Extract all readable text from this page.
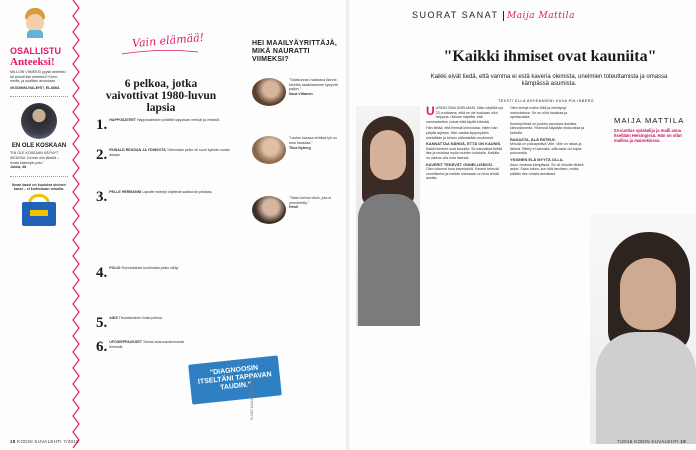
OSALLISTU
Anteeksi!

MILLOIN VIIMEKSI pyysit anteeksi tai annoit itse anteeksi? Kerro meille, ja osallistu arvontaan.

#KODINKUVALEHTI_ELAMIA

EN OLE KOSKAAN

"EN OLE KOSKAAN KÄYNYT IKEASSA. Kerran olin lähellä – mutta käännyin pois."

Jukka, 48

Ikean kassi on kuuluisa sininen kassi – ei kuitenkaan minulla.

Vain elämää!
6 pelkoa, jotka vaivottivat 1980-luvun lapsia
1. HAPPOSATEET Happosateiden pelättiin tappavan metsät ja vesistöt.

2. RONALD REAGAN JA YDINSOTA Ydinsodan pelko oli suuri kylmän sodan aikaan.

3. PELLE HERMANNI Lapsille esitetyt ohjelmat saattoivat pelottaa.

4. POLIO Rokotuksista huolimatta pelko säilyi.

5. AIDS Tiedottaminen lisäsi pelkoa.

6. UFOSIEPPAUKSET Tarinat avaruusolennoista kiersivät.

"DIAGNOOSIN ITSELTÄNI TAPPAVAN TAUDIN."
HEI MAAILYÄYRITTÄJÄ, MIKÄ NAURATTI VIIMEKSI?

"Satakunnan haastava tilanne. Meidän asiakkaamme kysyivät paljon."

Ilona Virtanen

"Lasten kanssa tehtävä työ on aina hauskaa."

Tiina Nyberg

"Taisin kertoa vitsin, jota ei ymmärretty."

Heidi

KUVAT MAAILYAYRITTAJAT
18 KODIN KUVALEHTI 7/2018
SUORAT SANAT Maija Mattila
"Kaikki ihmiset ovat kauniita"
Kaikki eivät tiedä, että vamma ei estä kaveria olemista, unelmien toteuttamista ja omassa kämpässä asumista.
TEKSTI ELLA AHVENNIEMI KUVA PIA INBERG

UUSEIN OMA UNELMASI. Näin näyttää nyt 23-vuotiaana, eikä se ole koskaan ollut helppoa. Haluan näyttää, että vammaisetkin voivat elää täyttä elämää.

Hän tietää, että ihmisiä kiinnostaa, miten hän pärjää arjessa. Hän vastaa kysymyksiin mielellään ja kertoo elämästään avoimesti.

KANNATTAA NÄHDÄ, ETTÄ ON KAUNIS.

Kaikki ihmiset ovat kauniita. Se kannattaa tietää itse ja muistaa myös muiden kohdalla. Kaikilla on oikeus olla oma itsensä.

KAVERIT TEKEVÄT ONNELLISEKSI.

Olen toivonut isoa kaveripiiriä. Kaverit tekevät onnelliseksi ja heidän kanssaan on kiva tehdä asioita.

Olen tehnyt mallin töitä ja esiintynyt mainoksissa. Se on ollut hauskaa ja opettavaista.

Kaveripiirissä on joukko samoista asioista kiinnostuneita. Yhdessä käydään elokuvissa ja kahvilla.

RAKASTA, ÄLÄ RIITELE.

Minulla on poikaystävä Ville. Ville on rakas ja tärkeä. Riitely ei kannata, sillä asiat voi sopia puhumalla.

YKSINEN ELÄ MYYTÄ OLLA.

Asun omassa kämpässä. Se oli minulle tärkeä askel. Saan tukea, kun sitä tarvitsen, mutta päätän itse omista asioistani.

MAIJA MATTILA

23-vuotias opiskelija ja malli asuu itsellään Helsingissä. Hän on ollut mallina ja mainoksissa.

7/2018 KODIN KUVALEHTI 19
